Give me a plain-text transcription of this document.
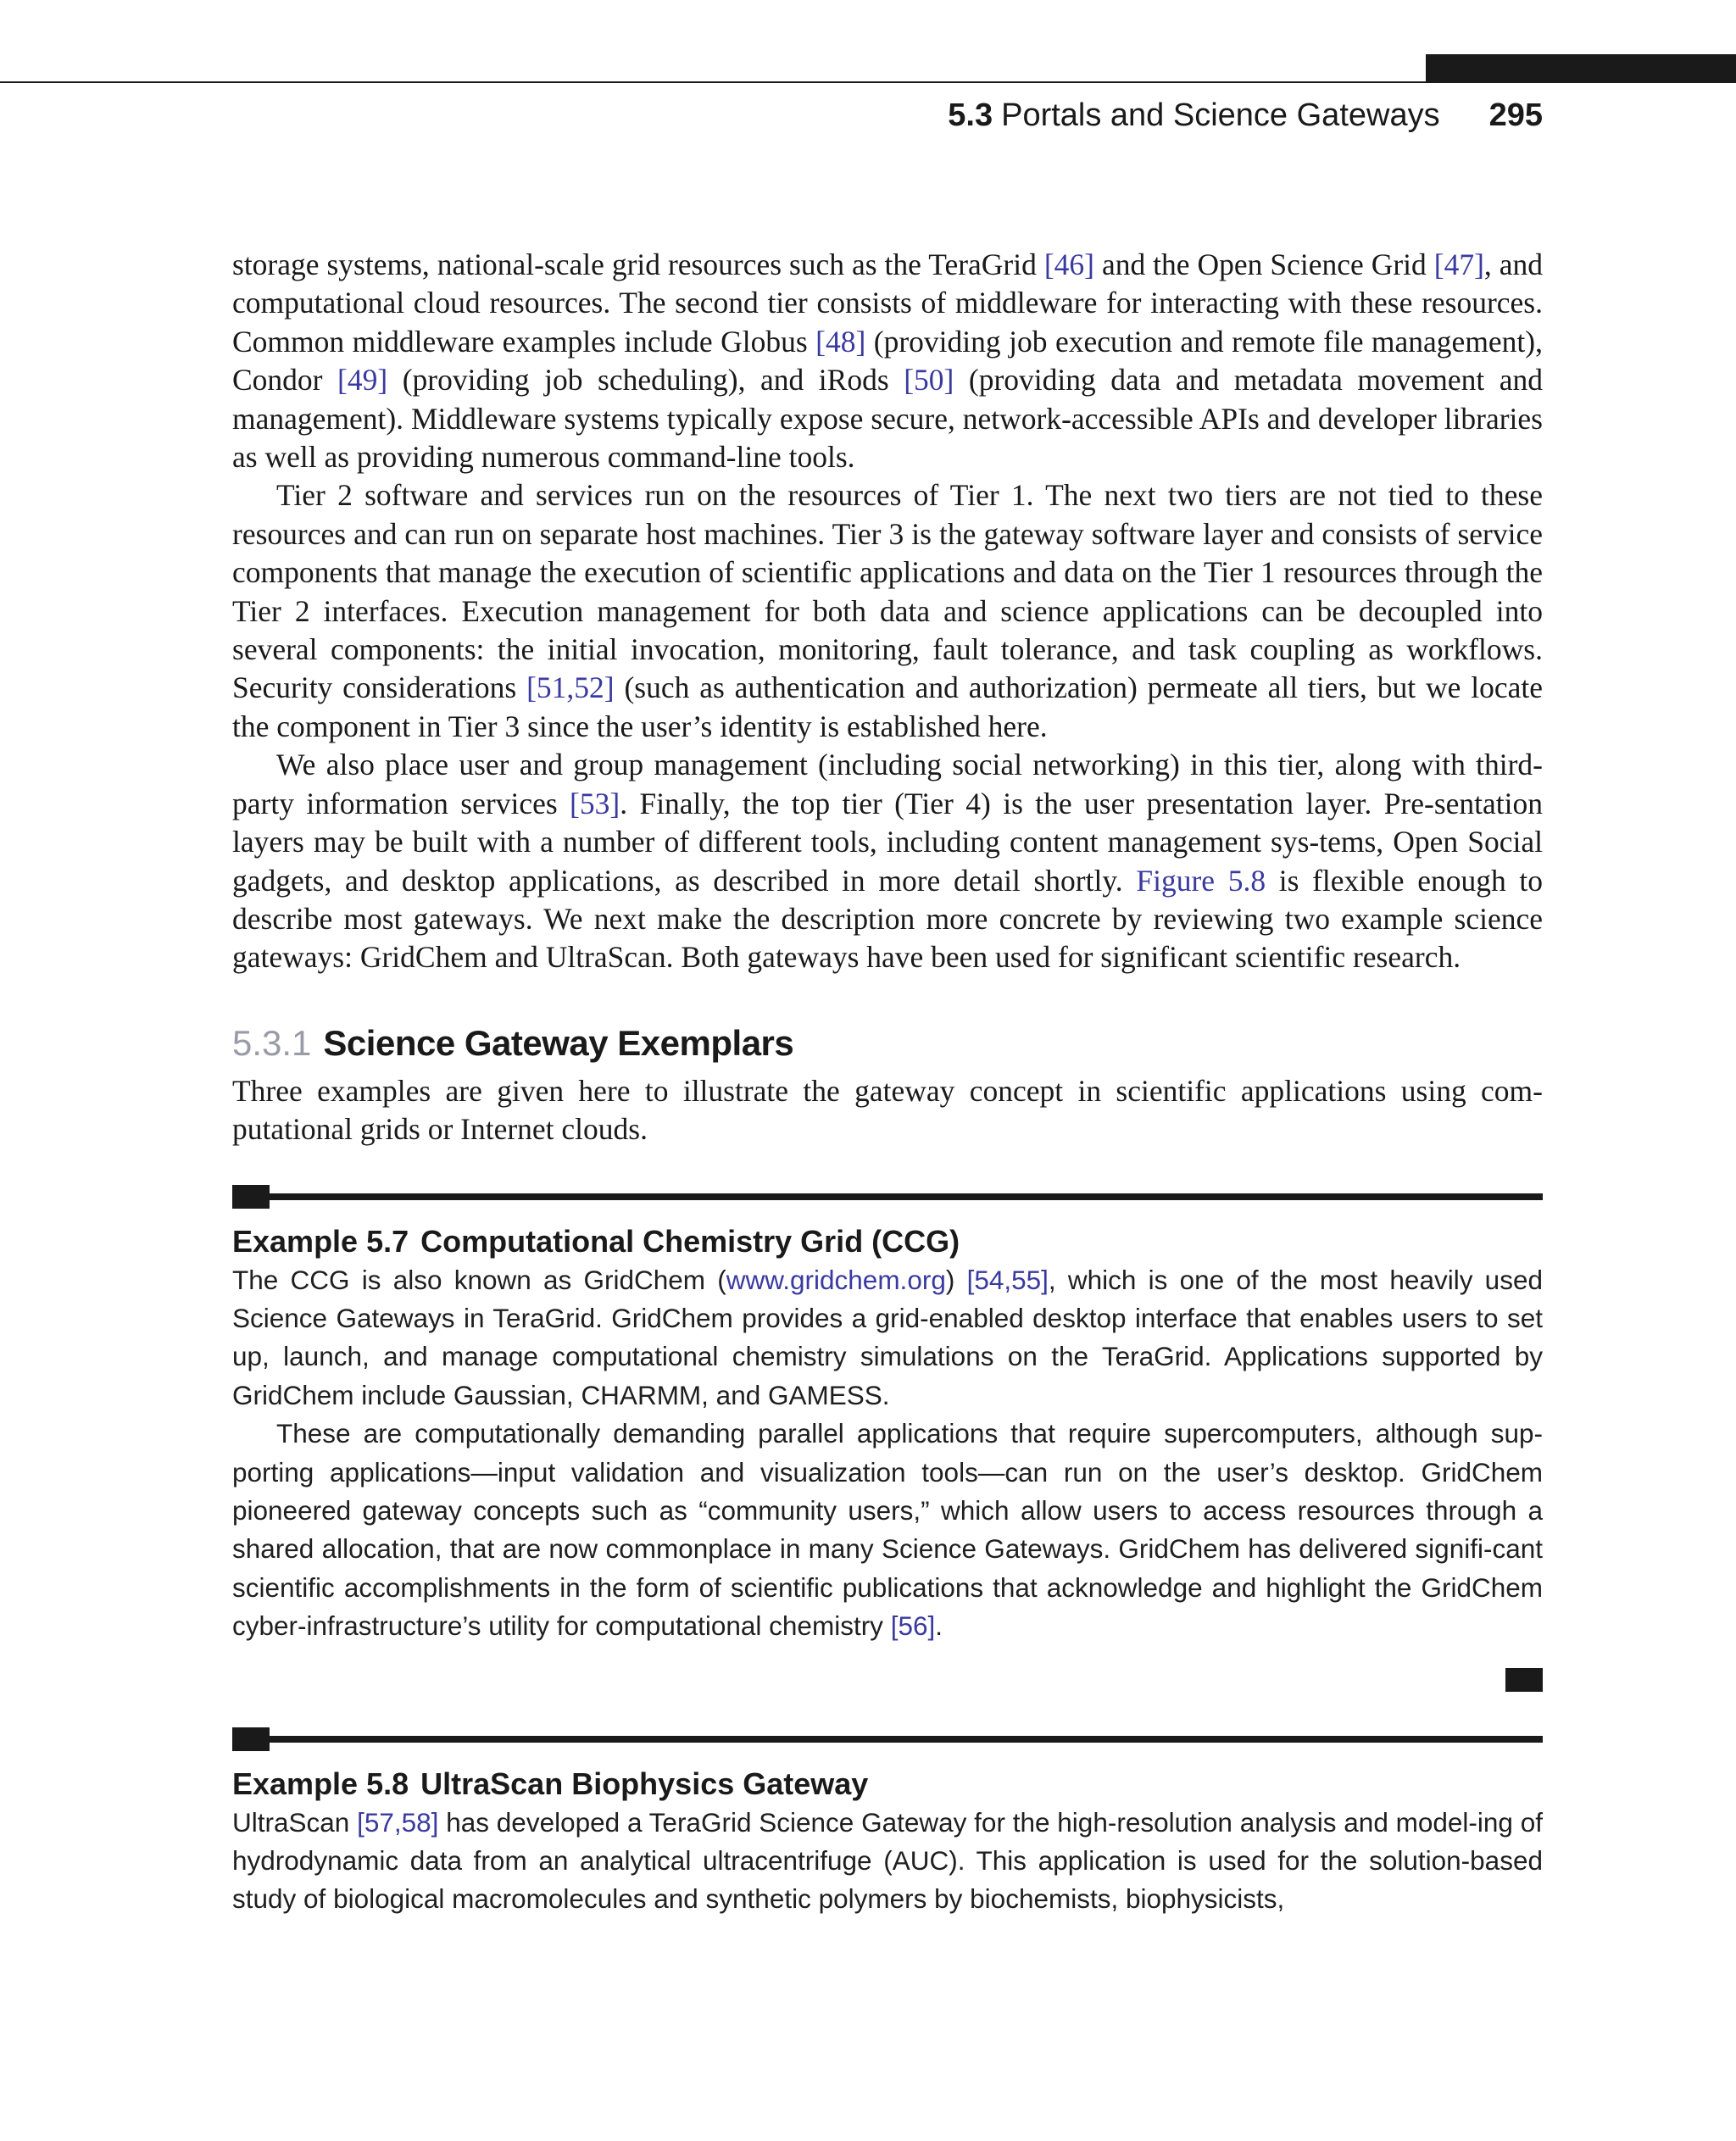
5.3 Portals and Science Gateways 295

storage systems, national-scale grid resources such as the TeraGrid [46] and the Open Science Grid [47], and computational cloud resources. The second tier consists of middleware for interacting with these resources. Common middleware examples include Globus [48] (providing job execution and remote file management), Condor [49] (providing job scheduling), and iRods [50] (providing data and metadata movement and management). Middleware systems typically expose secure, network-accessible APIs and developer libraries as well as providing numerous command-line tools.

Tier 2 software and services run on the resources of Tier 1. The next two tiers are not tied to these resources and can run on separate host machines. Tier 3 is the gateway software layer and consists of service components that manage the execution of scientific applications and data on the Tier 1 resources through the Tier 2 interfaces. Execution management for both data and science applications can be decoupled into several components: the initial invocation, monitoring, fault tolerance, and task coupling as workflows. Security considerations [51,52] (such as authentication and authorization) permeate all tiers, but we locate the component in Tier 3 since the user’s identity is established here.

We also place user and group management (including social networking) in this tier, along with third-party information services [53]. Finally, the top tier (Tier 4) is the user presentation layer. Pre-sentation layers may be built with a number of different tools, including content management sys-tems, Open Social gadgets, and desktop applications, as described in more detail shortly. Figure 5.8 is flexible enough to describe most gateways. We next make the description more concrete by reviewing two example science gateways: GridChem and UltraScan. Both gateways have been used for significant scientific research.

5.3.1 Science Gateway Exemplars

Three examples are given here to illustrate the gateway concept in scientific applications using com-putational grids or Internet clouds.

Example 5.7 Computational Chemistry Grid (CCG)

The CCG is also known as GridChem (www.gridchem.org) [54,55], which is one of the most heavily used Science Gateways in TeraGrid. GridChem provides a grid-enabled desktop interface that enables users to set up, launch, and manage computational chemistry simulations on the TeraGrid. Applications supported by GridChem include Gaussian, CHARMM, and GAMESS.

These are computationally demanding parallel applications that require supercomputers, although sup-porting applications—input validation and visualization tools—can run on the user’s desktop. GridChem pioneered gateway concepts such as “community users,” which allow users to access resources through a shared allocation, that are now commonplace in many Science Gateways. GridChem has delivered signifi-cant scientific accomplishments in the form of scientific publications that acknowledge and highlight the GridChem cyber-infrastructure’s utility for computational chemistry [56].

Example 5.8 UltraScan Biophysics Gateway

UltraScan [57,58] has developed a TeraGrid Science Gateway for the high-resolution analysis and model-ing of hydrodynamic data from an analytical ultracentrifuge (AUC). This application is used for the solution-based study of biological macromolecules and synthetic polymers by biochemists, biophysicists,
